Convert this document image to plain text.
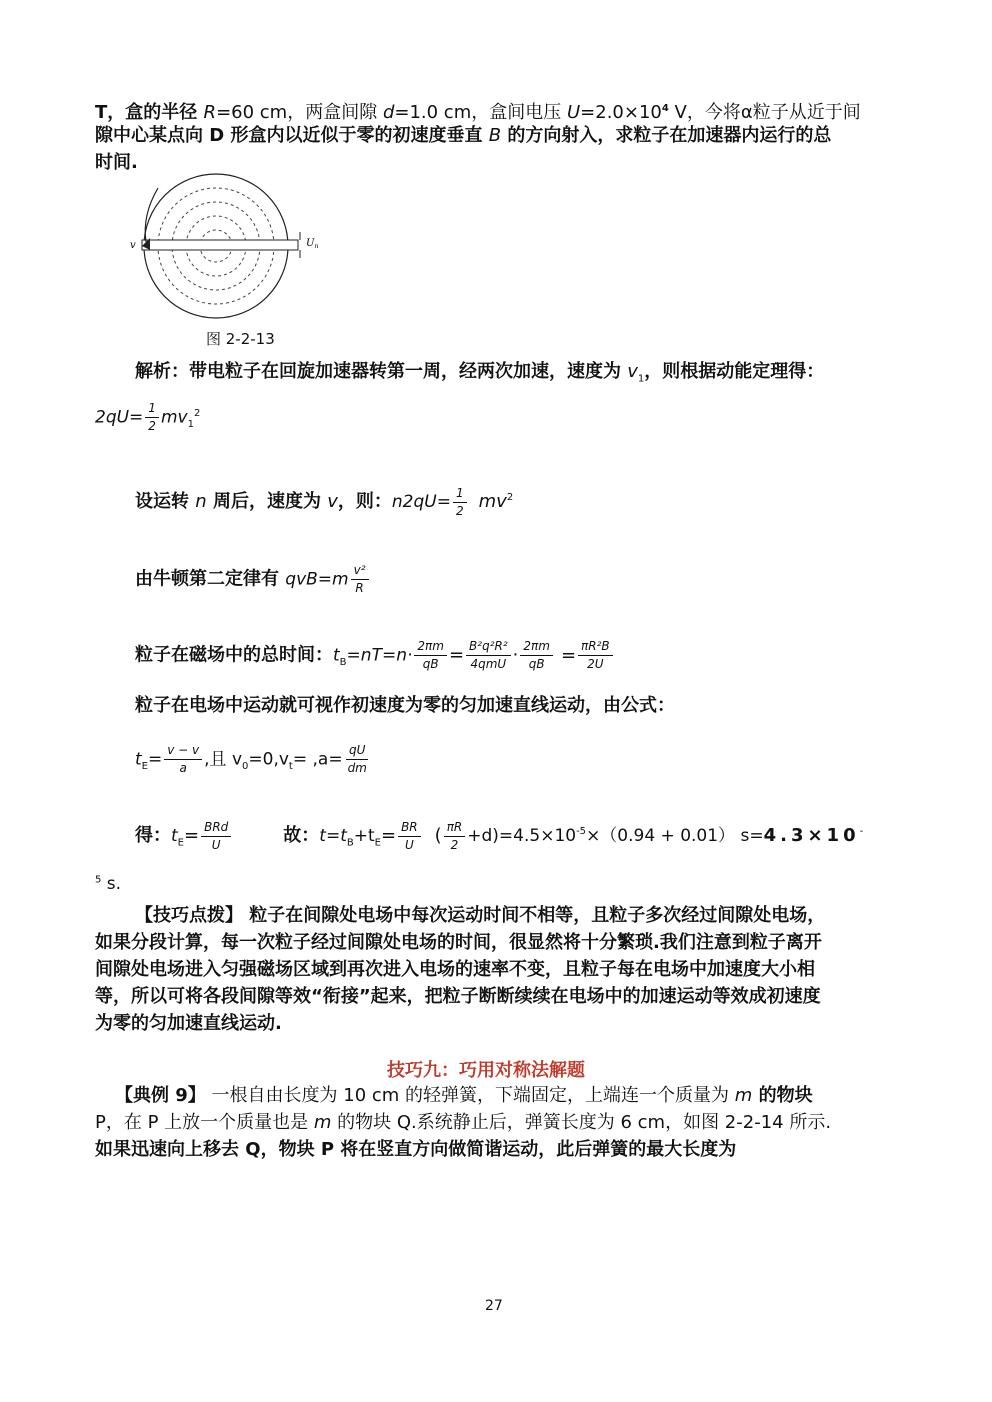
T，盒的半径 R=60 cm，两盒间隙 d=1.0 cm，盒间电压 $U=2.0\times 10^4$ V，今将α粒子从近于间
隙中心某点向 D 形盒内以近似于零的初速度垂直 B 的方向射入，求粒子在加速器内运行的总
时间.
v	$U_n$
图 2-2-13
解析：带电粒子在回旋加速器转第一周，经两次加速，速度为 $v_1$，则根据动能定理得：
$2qU= \frac{1}{2} mv_1^2$
设运转 n 周后，速度为 v，则：$n2qU= \frac{1}{2} mv^2$
由牛顿第二定律有 $qvB=m \frac{\text{v²}}{R}$
粒子在磁场中的总时间：$t_B=nT=n\cdot \frac{2\pi m}{qB} = \frac{\text{B²q²R²}}{\text{4qmU}} \cdot \frac{2\pi m}{qB} = \frac{\text{πR²B}}{2U}$
粒子在电场中运动就可视作初速度为零的匀加速直线运动，由公式：
$t_E= \frac{v - v}{a}$ ,且 $v_0=0,v_t= ,a= \frac{qU}{dm}$
得：$t_E= \frac{\text{BRd}}{U}$	故：$t=t_B+t_E= \frac{BR}{U}$ ( $\frac{\pi R}{2} +d)=4.5\times 10^{-5}\times(0.94 + 0.01)$ s=4.3×10-
$^5$ s.
【技巧点拨】 粒子在间隙处电场中每次运动时间不相等，且粒子多次经过间隙处电场，
如果分段计算，每一次粒子经过间隙处电场的时间，很显然将十分繁琐.我们注意到粒子离开
间隙处电场进入匀强磁场区域到再次进入电场的速率不变，且粒子每在电场中加速度大小相
等，所以可将各段间隙等效“衔接”起来，把粒子断断续续在电场中的加速运动等效成初速度
为零的匀加速直线运动.
技巧九：巧用对称法解题
【典例 9】 一根自由长度为 10 cm 的轻弹簧，下端固定，上端连一个质量为 m 的物块
P，在 P 上放一个质量也是 m 的物块 Q.系统静止后，弹簧长度为 6 cm，如图 2-2-14 所示.
如果迅速向上移去 Q，物块 P 将在竖直方向做简谐运动，此后弹簧的最大长度为
27
